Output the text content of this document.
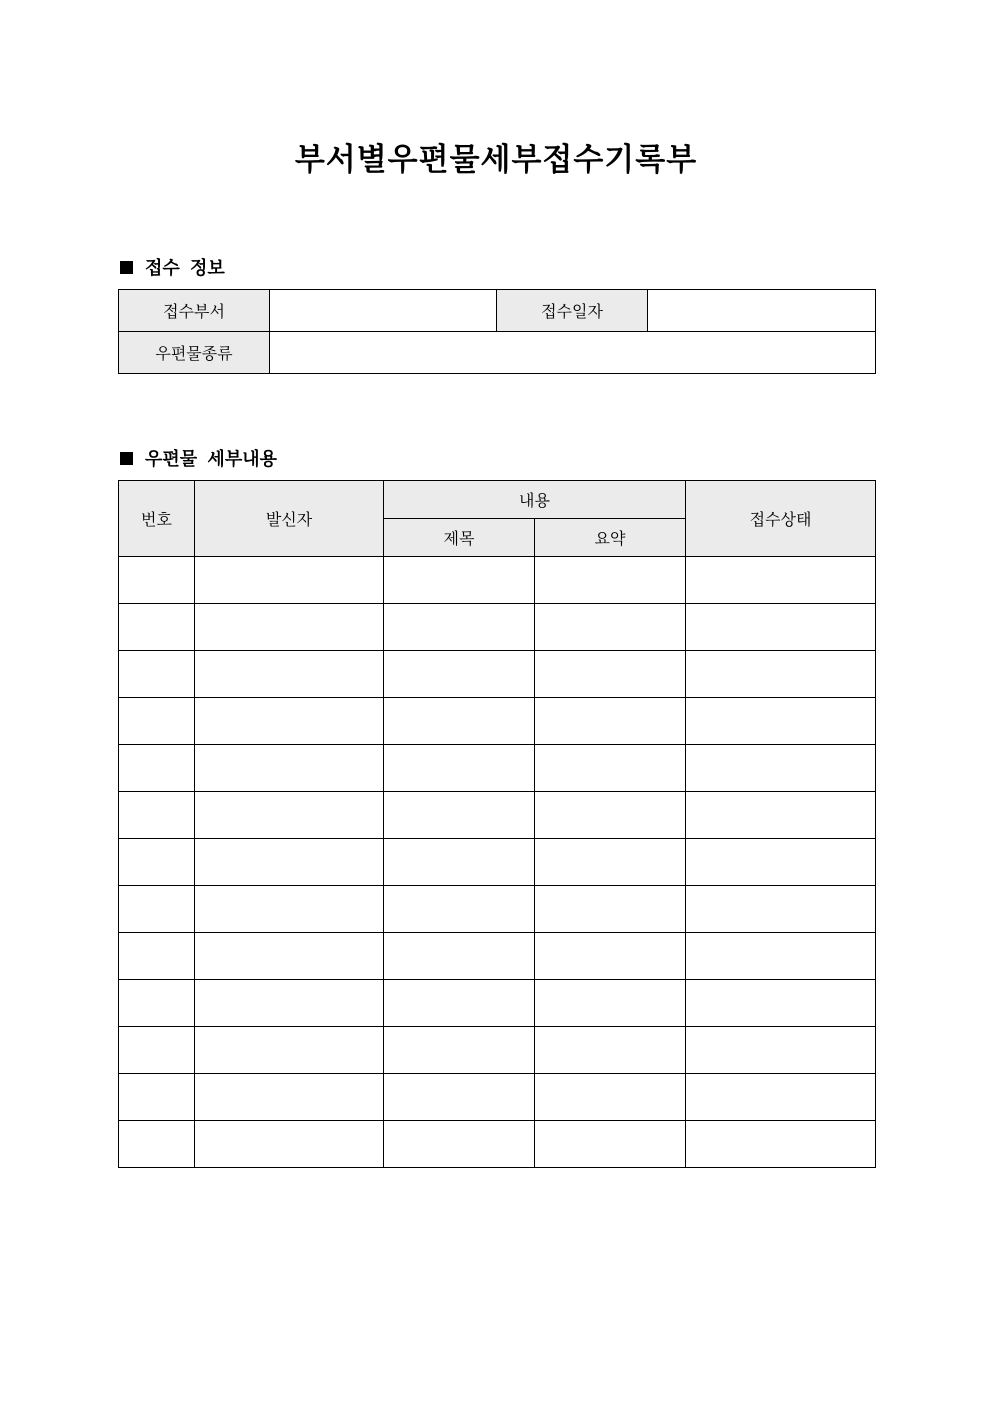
부서별우편물세부접수기록부
접수 정보
접수부서		접수일자	
우편물종류			
우편물 세부내용
번호	발신자	내용		접수상태
		제목	요약	
